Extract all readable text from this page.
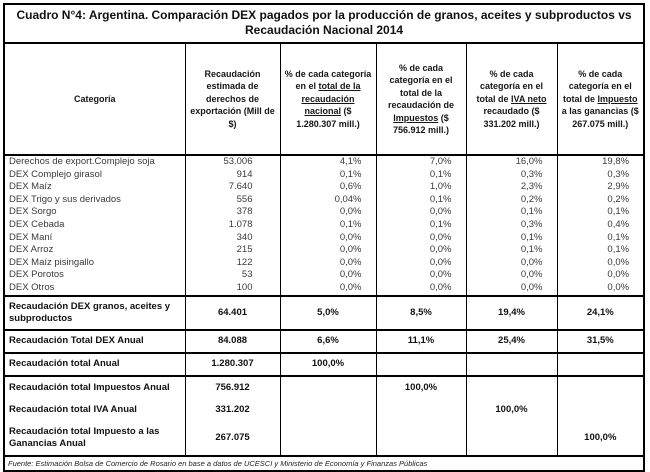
Cuadro N°4: Argentina. Comparación DEX pagados por la producción de granos, aceites y subproductos vs
Recaudación Nacional 2014					
Categoría	Recaudación estimada de derechos de exportación (Mill de $)	% de cada categoría en el total de la recaudación nacional ($ 1.280.307 mill.)	% de cada categoría en el total de la recaudación de Impuestos ($ 756.912 mill.)	% de cada categoría en el total de IVA neto recaudado ($ 331.202 mill.)	% de cada categoría en el total de Impuesto a las ganancias ($ 267.075 mill.)
Derechos de export.Complejo soja	53.006	4,1%	7,0%	16,0%	19,8%
DEX Complejo girasol	914	0,1%	0,1%	0,3%	0,3%
DEX Maíz	7.640	0,6%	1,0%	2,3%	2,9%
DEX Trigo y sus derivados	556	0,04%	0,1%	0,2%	0,2%
DEX Sorgo	378	0,0%	0,0%	0,1%	0,1%
DEX Cebada	1.078	0,1%	0,1%	0,3%	0,4%
DEX Maní	340	0,0%	0,0%	0,1%	0,1%
DEX Arroz	215	0,0%	0,0%	0,1%	0,1%
DEX Maíz pisingallo	122	0,0%	0,0%	0,0%	0,0%
DEX Porotos	53	0,0%	0,0%	0,0%	0,0%
DEX Otros	100	0,0%	0,0%	0,0%	0,0%
Recaudación DEX granos, aceites y subproductos	64.401	5,0%	8,5%	19,4%	24,1%
Recaudación Total DEX Anual	84.088	6,6%	11,1%	25,4%	31,5%
Recaudación total Anual	1.280.307	100,0%			
Recaudación total Impuestos Anual	756.912		100,0%		
Recaudación total IVA Anual	331.202			100,0%	
Recaudación total Impuesto a las Ganancias Anual	267.075				100,0%
Fuente: Estimación Bolsa de Comercio de Rosario en base a datos de UCESCI y Ministerio de Economía y Finanzas Públicas					
